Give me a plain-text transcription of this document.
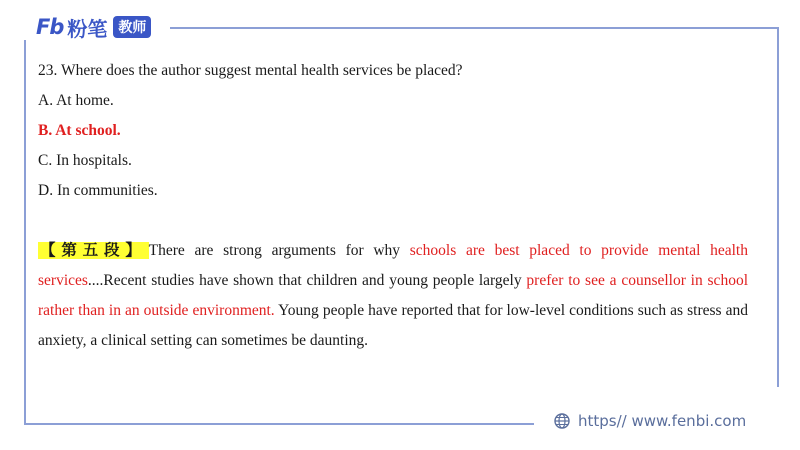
Fb 粉笔 教师

23. Where does the author suggest mental health services be placed?

A. At home.

B. At school.

C. In hospitals.

D. In communities.

【第五段】 There are strong arguments for why schools are best placed to provide mental health services....Recent studies have shown that children and young people largely prefer to see a counsellor in school rather than in an outside environment. Young people have reported that for low-level conditions such as stress and anxiety, a clinical setting can sometimes be daunting.

https// www.fenbi.com
